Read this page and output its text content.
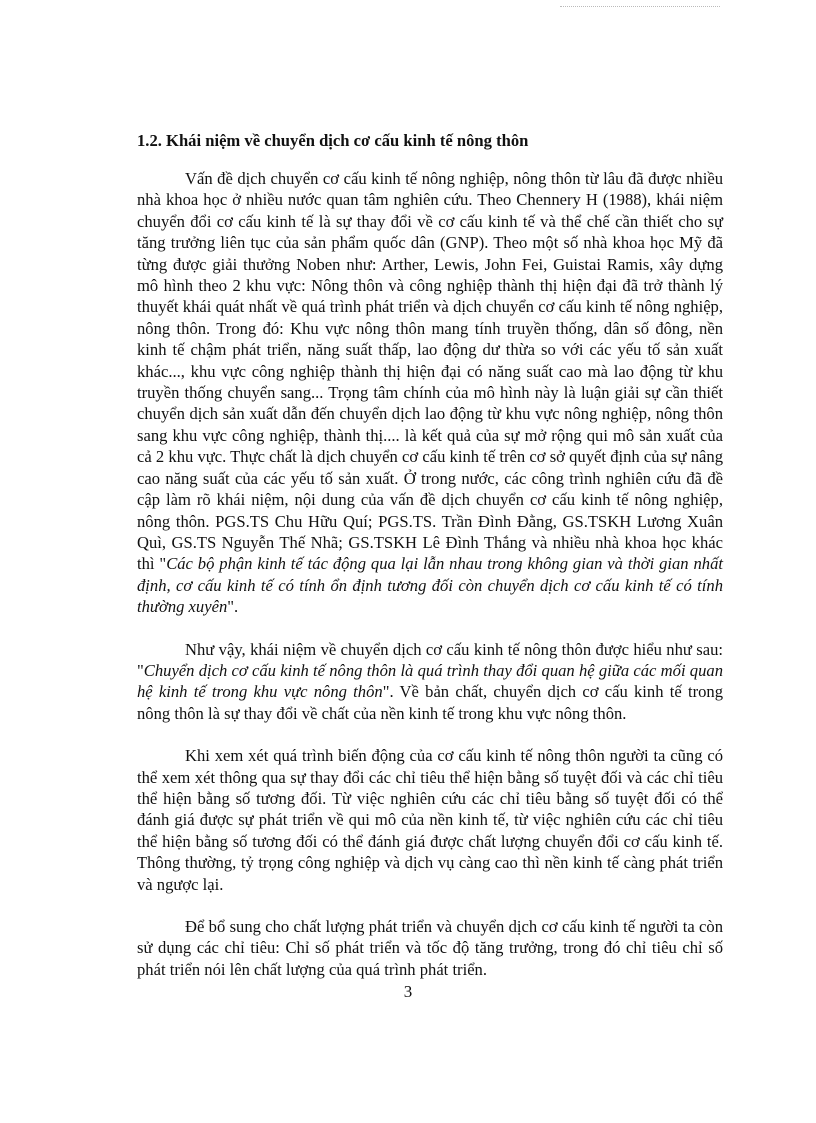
1.2. Khái niệm về chuyển dịch cơ cấu kinh tế nông thôn

Vấn đề dịch chuyển cơ cấu kinh tế nông nghiệp, nông thôn từ lâu đã được nhiều nhà khoa học ở nhiều nước quan tâm nghiên cứu. Theo Chennery H (1988), khái niệm chuyển đổi cơ cấu kinh tế là sự thay đổi về cơ cấu kinh tế và thể chế cần thiết cho sự tăng trưởng liên tục của sản phẩm quốc dân (GNP). Theo một số nhà khoa học Mỹ đã từng được giải thưởng Noben như: Arther, Lewis, John Fei, Guistai Ramis, xây dựng mô hình theo 2 khu vực: Nông thôn và công nghiệp thành thị hiện đại đã trở thành lý thuyết khái quát nhất về quá trình phát triển và dịch chuyển cơ cấu kinh tế nông nghiệp, nông thôn. Trong đó: Khu vực nông thôn mang tính truyền thống, dân số đông, nền kinh tế chậm phát triển, năng suất thấp, lao động dư thừa so với các yếu tố sản xuất khác..., khu vực công nghiệp thành thị hiện đại có năng suất cao mà lao động từ khu truyền thống chuyển sang... Trọng tâm chính của mô hình này là luận giải sự cần thiết chuyển dịch sản xuất dẫn đến chuyển dịch lao động từ khu vực nông nghiệp, nông thôn sang khu vực công nghiệp, thành thị.... là kết quả của sự mở rộng qui mô sản xuất của cả 2 khu vực. Thực chất là dịch chuyển cơ cấu kinh tế trên cơ sở quyết định của sự nâng cao năng suất của các yếu tố sản xuất. Ở trong nước, các công trình nghiên cứu đã đề cập làm rõ khái niệm, nội dung của vấn đề dịch chuyển cơ cấu kinh tế nông nghiệp, nông thôn. PGS.TS Chu Hữu Quí; PGS.TS. Trần Đình Đằng, GS.TSKH Lương Xuân Quì, GS.TS Nguyễn Thế Nhã; GS.TSKH Lê Đình Thắng và nhiều nhà khoa học khác thì "Các bộ phận kinh tế tác động qua lại lẫn nhau trong không gian và thời gian nhất định, cơ cấu kinh tế có tính ổn định tương đối còn chuyển dịch cơ cấu kinh tế có tính thường xuyên".

Như vậy, khái niệm về chuyển dịch cơ cấu kinh tế nông thôn được hiểu như sau: "Chuyển dịch cơ cấu kinh tế nông thôn là quá trình thay đổi quan hệ giữa các mối quan hệ kinh tế trong khu vực nông thôn". Về bản chất, chuyển dịch cơ cấu kinh tế trong nông thôn là sự thay đổi về chất của nền kinh tế trong khu vực nông thôn.

Khi xem xét quá trình biến động của cơ cấu kinh tế nông thôn người ta cũng có thể xem xét thông qua sự thay đổi các chỉ tiêu thể hiện bằng số tuyệt đối và các chỉ tiêu thể hiện bằng số tương đối. Từ việc nghiên cứu các chỉ tiêu bằng số tuyệt đối có thể đánh giá được sự phát triển về qui mô của nền kinh tế, từ việc nghiên cứu các chỉ tiêu thể hiện bằng số tương đối có thể đánh giá được chất lượng chuyển đổi cơ cấu kinh tế. Thông thường, tỷ trọng công nghiệp và dịch vụ càng cao thì nền kinh tế càng phát triển và ngược lại.

Để bổ sung cho chất lượng phát triển và chuyển dịch cơ cấu kinh tế người ta còn sử dụng các chỉ tiêu: Chỉ số phát triển và tốc độ tăng trưởng, trong đó chỉ tiêu chỉ số phát triển nói lên chất lượng của quá trình phát triển.

3
